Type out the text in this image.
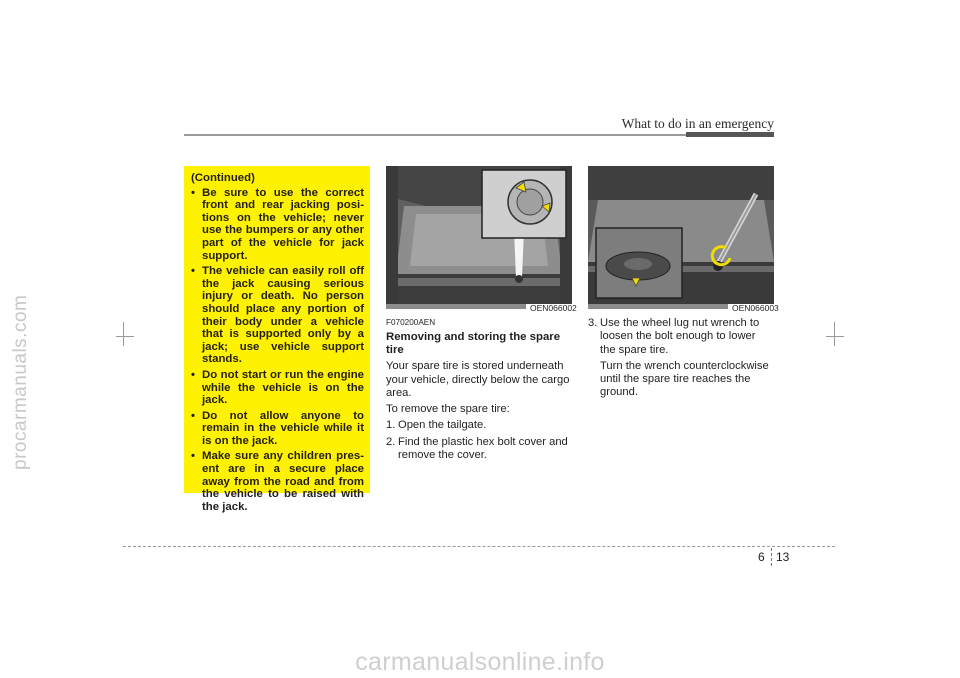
procarmanuals.com
What to do in an emergency
(Continued)
• Be sure to use the correct front and rear jacking posi-tions on the vehicle; never use the bumpers or any other part of the vehicle for jack support.
• The vehicle can easily roll off the jack causing serious injury or death. No person should place any portion of their body under a vehicle that is supported only by a jack; use vehicle support stands.
• Do not start or run the engine while the vehicle is on the jack.
• Do not allow anyone to remain in the vehicle while it is on the jack.
• Make sure any children pres-ent are in a secure place away from the road and from the vehicle to be raised with the jack.
OEN066002	OEN066003
F070200AEN
Removing and storing the spare tire

Your spare tire is stored underneath your vehicle, directly below the cargo area.

To remove the spare tire:

1. Open the tailgate.
2. Find the plastic hex bolt cover and remove the cover.
3. Use the wheel lug nut wrench to loosen the bolt enough to lower the spare tire.

Turn the wrench counterclockwise until the spare tire reaches the ground.

6 13
carmanualsonline.info
